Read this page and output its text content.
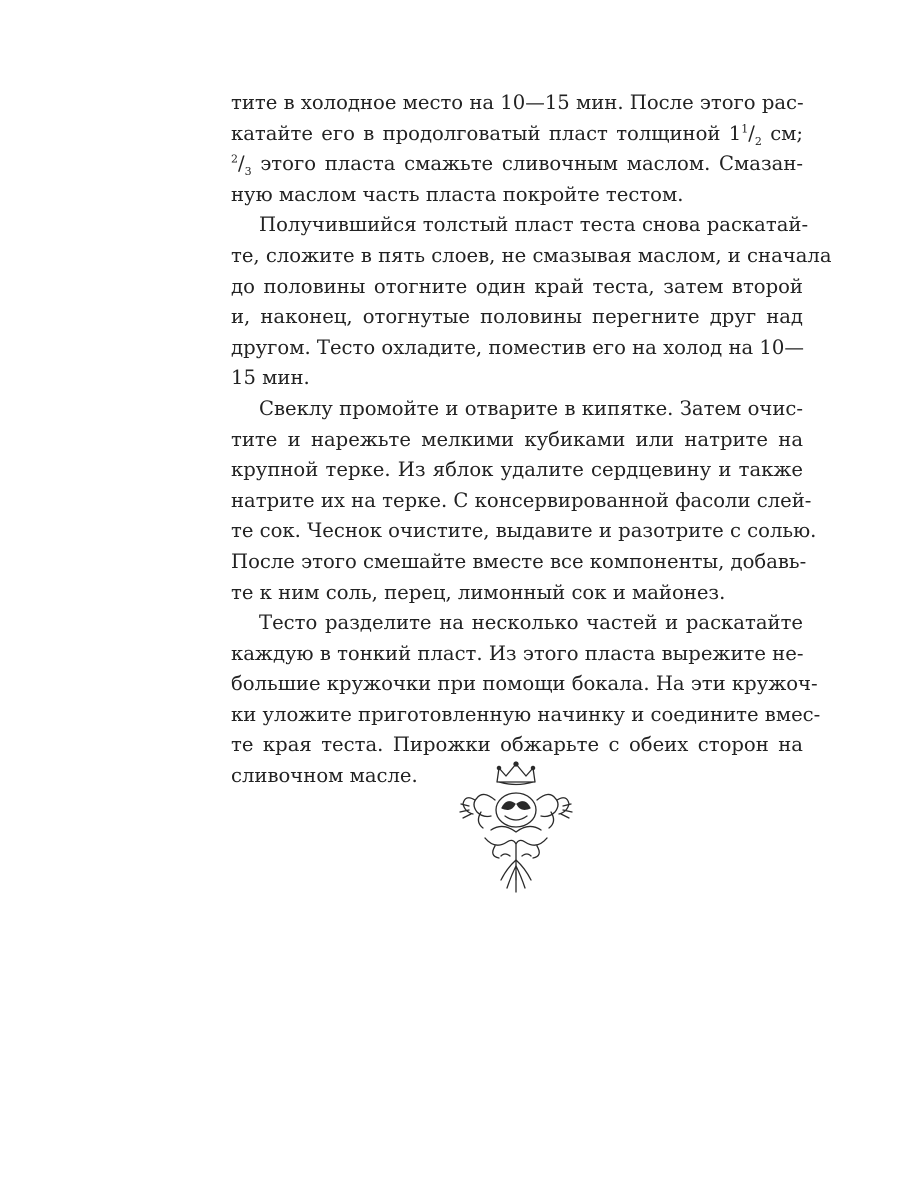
тите в холодное место на 10—15 мин. После этого рас-
катайте его в продолговатый пласт толщиной $1^1/_2$ см;
$^2/_3$ этого пласта смажьте сливочным маслом. Смазан-
ную маслом часть пласта покройте тестом.
Получившийся толстый пласт теста снова раскатай-
те, сложите в пять слоев, не смазывая маслом, и сначала
до половины отогните один край теста, затем второй
и, наконец, отогнутые половины перегните друг над
другом. Тесто охладите, поместив его на холод на 10—
15 мин.
Свеклу промойте и отварите в кипятке. Затем очис-
тите и нарежьте мелкими кубиками или натрите на
крупной терке. Из яблок удалите сердцевину и также
натрите их на терке. С консервированной фасоли слей-
те сок. Чеснок очистите, выдавите и разотрите с солью.
После этого смешайте вместе все компоненты, добавь-
те к ним соль, перец, лимонный сок и майонез.
Тесто разделите на несколько частей и раскатайте
каждую в тонкий пласт. Из этого пласта вырежите не-
большие кружочки при помощи бокала. На эти кружоч-
ки уложите приготовленную начинку и соедините вмес-
те края теста. Пирожки обжарьте с обеих сторон на
сливочном масле.
